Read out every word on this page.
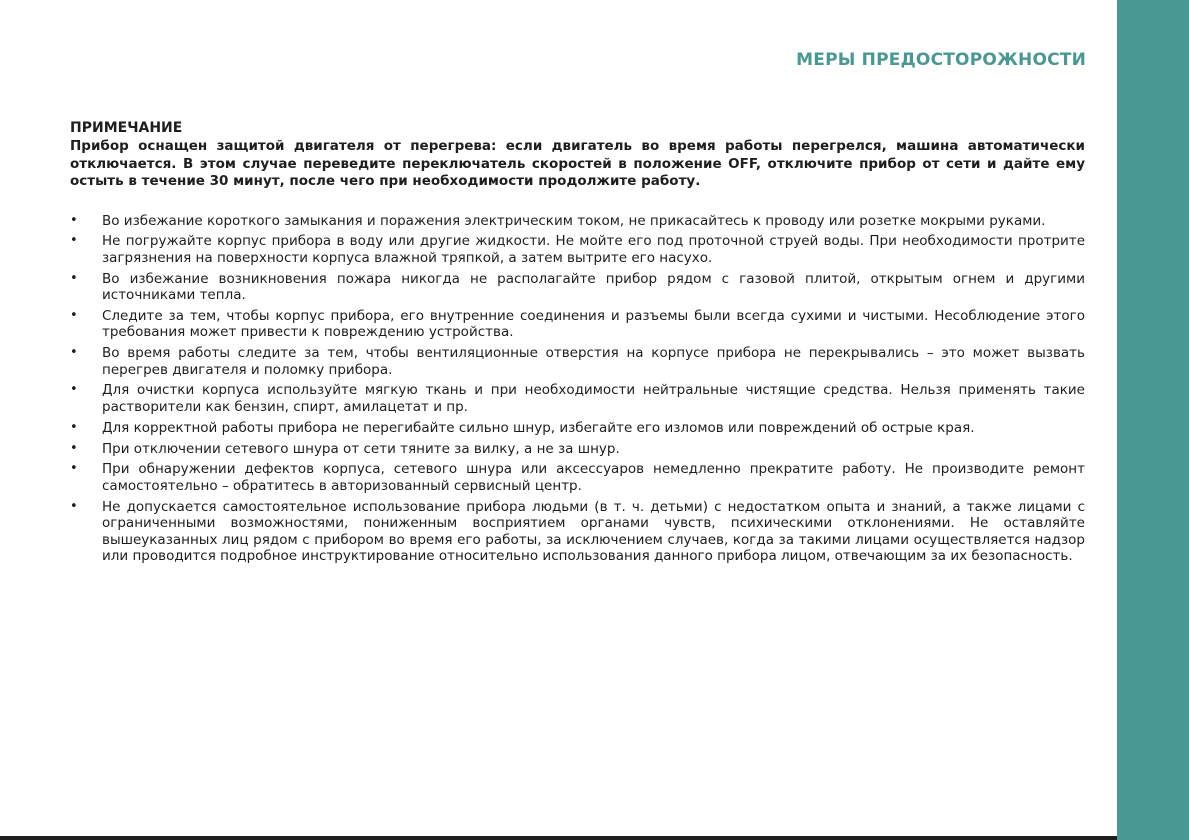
МЕРЫ ПРЕДОСТОРОЖНОСТИ
ПРИМЕЧАНИЕ

Прибор оснащен защитой двигателя от перегрева: если двигатель во время работы перегрелся, машина автоматически отключается. В этом случае переведите переключатель скоростей в положение OFF, отключите прибор от сети и дайте ему остыть в течение 30 минут, после чего при необходимости продолжите работу.

• Во избежание короткого замыкания и поражения электрическим током, не прикасайтесь к проводу или розетке мокрыми руками.
• Не погружайте корпус прибора в воду или другие жидкости. Не мойте его под проточной струей воды. При необходимости протрите загрязнения на поверхности корпуса влажной тряпкой, а затем вытрите его насухо.
• Во избежание возникновения пожара никогда не располагайте прибор рядом с газовой плитой, открытым огнем и другими источниками тепла.
• Следите за тем, чтобы корпус прибора, его внутренние соединения и разъемы были всегда сухими и чистыми. Несоблюдение этого требования может привести к повреждению устройства.
• Во время работы следите за тем, чтобы вентиляционные отверстия на корпусе прибора не перекрывались – это может вызвать перегрев двигателя и поломку прибора.
• Для очистки корпуса используйте мягкую ткань и при необходимости нейтральные чистящие средства. Нельзя применять такие растворители как бензин, спирт, амилацетат и пр.
• Для корректной работы прибора не перегибайте сильно шнур, избегайте его изломов или повреждений об острые края.
• При отключении сетевого шнура от сети тяните за вилку, а не за шнур.
• При обнаружении дефектов корпуса, сетевого шнура или аксессуаров немедленно прекратите работу. Не производите ремонт самостоятельно – обратитесь в авторизованный сервисный центр.
• Не допускается самостоятельное использование прибора людьми (в т. ч. детьми) с недостатком опыта и знаний, а также лицами с ограниченными возможностями, пониженным восприятием органами чувств, психическими отклонениями. Не оставляйте вышеуказанных лиц рядом с прибором во время его работы, за исключением случаев, когда за такими лицами осуществляется надзор или проводится подробное инструктирование относительно использования данного прибора лицом, отвечающим за их безопасность.
